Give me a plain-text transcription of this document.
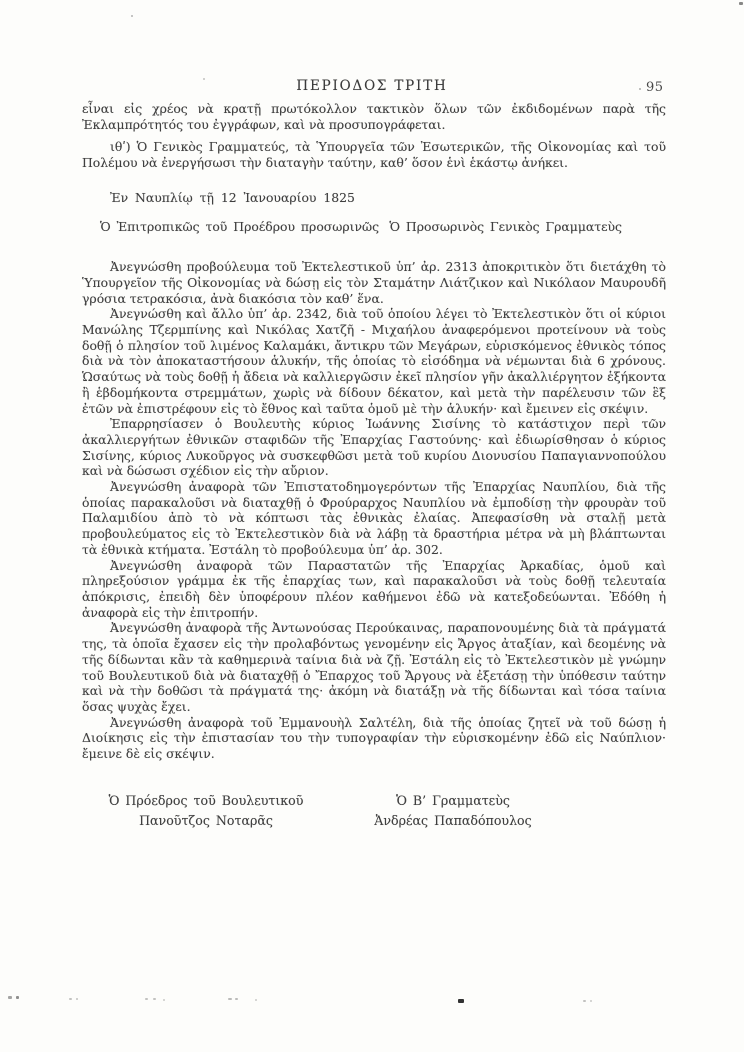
ΠΕΡΙΟΔΟΣ ΤΡΙΤΗ	95

εἶναι εἰς χρέος νὰ κρατῇ πρωτόκολλον τακτικὸν ὅλων τῶν ἐκδιδομένων παρὰ τῆς Ἐκλαμπρότητός του ἐγγράφων, καὶ νὰ προσυπογράφεται.

ιθʹ) Ὁ Γενικὸς Γραμματεύς, τὰ Ὑπουργεῖα τῶν Ἐσωτερικῶν, τῆς Οἰκονομίας καὶ τοῦ Πολέμου νὰ ἐνεργήσωσι τὴν διαταγὴν ταύτην, καθ’ ὅσον ἑνὶ ἑκάστῳ ἀνήκει.

Ἐν Ναυπλίῳ τῇ 12 Ἰανουαρίου 1825
Ὁ Ἐπιτροπικῶς τοῦ Προέδρου προσωρινῶς Ὁ Προσωρινὸς Γενικὸς Γραμματεὺς

Ἀνεγνώσθη προβούλευμα τοῦ Ἐκτελεστικοῦ ὑπ’ ἀρ. 2313 ἀποκριτικὸν ὅτι διετάχθη τὸ Ὑπουργεῖον τῆς Οἰκονομίας νὰ δώσῃ εἰς τὸν Σταμάτην Λιάτζικον καὶ Νικόλαον Μαυρουδῆ γρόσια τετρακόσια, ἀνὰ διακόσια τὸν καθ’ ἕνα.

Ἀνεγνώσθη καὶ ἄλλο ὑπ’ ἀρ. 2342, διὰ τοῦ ὁποίου λέγει τὸ Ἐκτελεστικὸν ὅτι οἱ κύριοι Μανώλης Τζερμπίνης καὶ Νικόλας Χατζῆ - Μιχαήλου ἀναφερόμενοι προτείνουν νὰ τοὺς δοθῇ ὁ πλησίον τοῦ λιμένος Καλαμάκι, ἄντικρυ τῶν Μεγάρων, εὑρισκόμενος ἐθνικὸς τόπος διὰ νὰ τὸν ἀποκαταστήσουν ἁλυκήν, τῆς ὁποίας τὸ εἰσόδημα νὰ νέμωνται διὰ 6 χρόνους. Ὡσαύτως νὰ τοὺς δοθῇ ἡ ἄδεια νὰ καλλιεργῶσιν ἐκεῖ πλησίον γῆν ἀκαλλιέργητον ἑξήκοντα ἢ ἑβδομήκοντα στρεμμάτων, χωρὶς νὰ δίδουν δέκατον, καὶ μετὰ τὴν παρέλευσιν τῶν ἓξ ἐτῶν νὰ ἐπιστρέφουν εἰς τὸ ἔθνος καὶ ταῦτα ὁμοῦ μὲ τὴν ἁλυκήν· καὶ ἔμεινεν εἰς σκέψιν.

Ἐπαρρησίασεν ὁ Βουλευτὴς κύριος Ἰωάννης Σισίνης τὸ κατάστιχον περὶ τῶν ἀκαλλιεργήτων ἐθνικῶν σταφιδῶν τῆς Ἐπαρχίας Γαστούνης· καὶ ἐδιωρίσθησαν ὁ κύριος Σισίνης, κύριος Λυκοῦργος νὰ συσκεφθῶσι μετὰ τοῦ κυρίου Διονυσίου Παπαγιαννοπούλου καὶ νὰ δώσωσι σχέδιον εἰς τὴν αὔριον.

Ἀνεγνώσθη ἀναφορὰ τῶν Ἐπιστατοδημογερόντων τῆς Ἐπαρχίας Ναυπλίου, διὰ τῆς ὁποίας παρακαλοῦσι νὰ διαταχθῇ ὁ Φρούραρχος Ναυπλίου νὰ ἐμποδίσῃ τὴν φρουρὰν τοῦ Παλαμιδίου ἀπὸ τὸ νὰ κόπτωσι τὰς ἐθνικὰς ἐλαίας. Ἀπεφασίσθη νὰ σταλῇ μετὰ προβουλεύματος εἰς τὸ Ἐκτελεστικὸν διὰ νὰ λάβῃ τὰ δραστήρια μέτρα νὰ μὴ βλάπτωνται τὰ ἐθνικὰ κτήματα. Ἐστάλη τὸ προβούλευμα ὑπ’ ἀρ. 302.

Ἀνεγνώσθη ἀναφορὰ τῶν Παραστατῶν τῆς Ἐπαρχίας Ἀρκαδίας, ὁμοῦ καὶ πληρεξούσιον γράμμα ἐκ τῆς ἐπαρχίας των, καὶ παρακαλοῦσι νὰ τοὺς δοθῇ τελευταία ἀπόκρισις, ἐπειδὴ δὲν ὑποφέρουν πλέον καθήμενοι ἐδῶ νὰ κατεξοδεύωνται. Ἐδόθη ἡ ἀναφορὰ εἰς τὴν ἐπιτροπήν.

Ἀνεγνώσθη ἀναφορὰ τῆς Ἀντωνούσας Περούκαινας, παραπονουμένης διὰ τὰ πράγματά της, τὰ ὁποῖα ἔχασεν εἰς τὴν προλαβόντως γενομένην εἰς Ἄργος ἀταξίαν, καὶ δεομένης νὰ τῆς δίδωνται κἂν τὰ καθημερινὰ ταίνια διὰ νὰ ζῇ. Ἐστάλη εἰς τὸ Ἐκτελεστικὸν μὲ γνώμην τοῦ Βουλευτικοῦ διὰ νὰ διαταχθῇ ὁ Ἔπαρχος τοῦ Ἄργους νὰ ἐξετάσῃ τὴν ὑπόθεσιν ταύτην καὶ νὰ τὴν δοθῶσι τὰ πράγματά της· ἀκόμη νὰ διατάξῃ νὰ τῆς δίδωνται καὶ τόσα ταίνια ὅσας ψυχὰς ἔχει.

Ἀνεγνώσθη ἀναφορὰ τοῦ Ἐμμανουὴλ Σαλτέλη, διὰ τῆς ὁποίας ζητεῖ νὰ τοῦ δώσῃ ἡ Διοίκησις εἰς τὴν ἐπιστασίαν του τὴν τυπογραφίαν τὴν εὑρισκομένην ἐδῶ εἰς Ναύπλιον· ἔμεινε δὲ εἰς σκέψιν.

Ὁ Πρόεδρος τοῦ Βουλευτικοῦ
Πανοῦτζος Νοταρᾶς
Ὁ Β’ Γραμματεὺς
Ἀνδρέας Παπαδόπουλος
